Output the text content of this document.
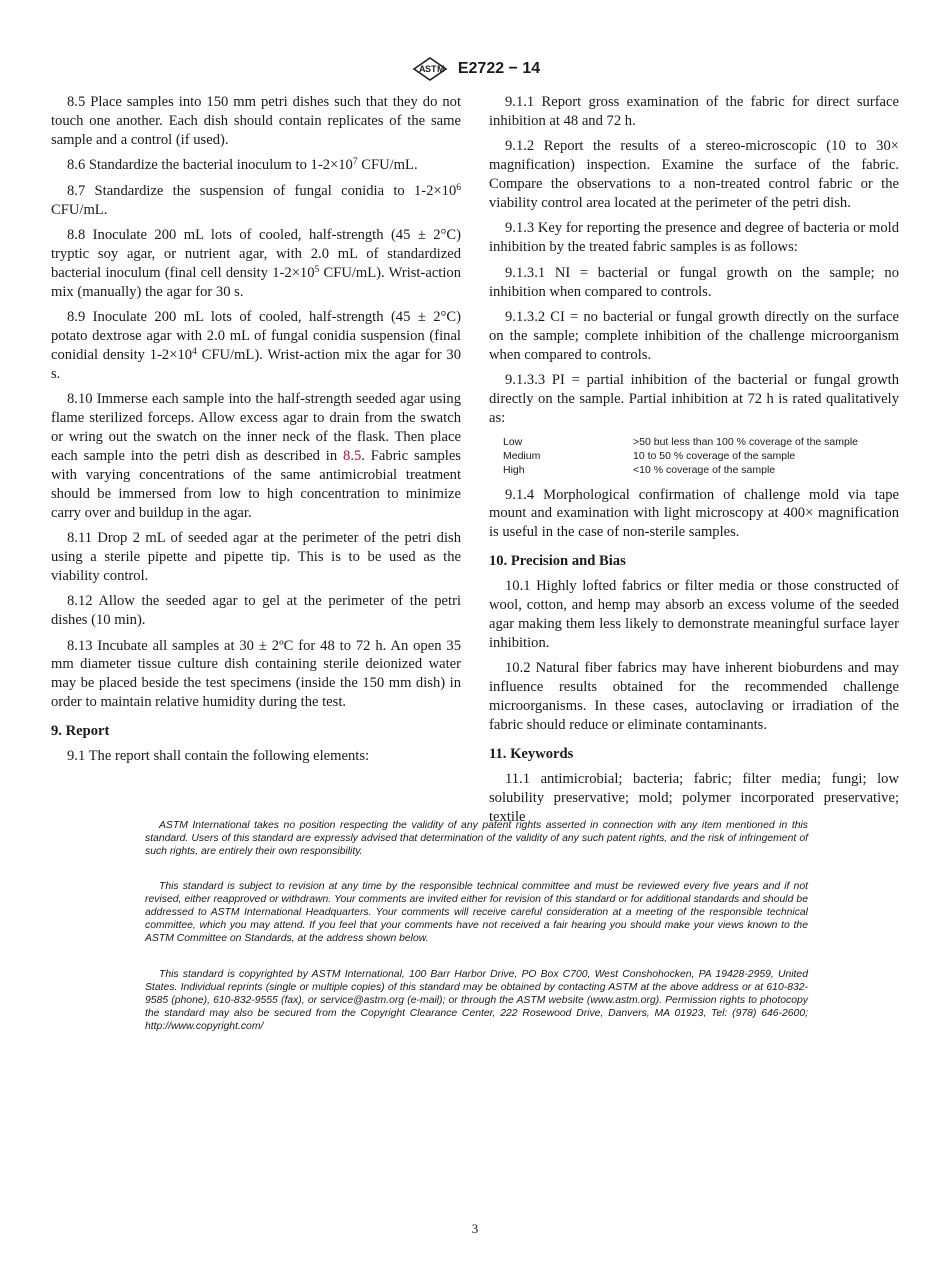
A S T M E2722 − 14

8.5 Place samples into 150 mm petri dishes such that they do not touch one another. Each dish should contain replicates of the same sample and a control (if used).

8.6 Standardize the bacterial inoculum to $1-2\times 10^7$ CFU/mL.

8.7 Standardize the suspension of fungal conidia to $1-2\times 10^6$ CFU/mL.

8.8 Inoculate 200 mL lots of cooled, half-strength (45 ± 2°C) tryptic soy agar, or nutrient agar, with 2.0 mL of standardized bacterial inoculum (final cell density $1-2\times 10^5$ CFU/mL). Wrist-action mix (manually) the agar for 30 s.

8.9 Inoculate 200 mL lots of cooled, half-strength (45 ± 2°C) potato dextrose agar with 2.0 mL of fungal conidia suspension (final conidial density $1-2\times 10^4$ CFU/mL). Wrist-action mix the agar for 30 s.

8.10 Immerse each sample into the half-strength seeded agar using flame sterilized forceps. Allow excess agar to drain from the swatch or wring out the swatch on the inner neck of the flask. Then place each sample into the petri dish as described in 8.5. Fabric samples with varying concentrations of the same antimicrobial treatment should be immersed from low to high concentration to minimize carry over and buildup in the agar.

8.11 Drop 2 mL of seeded agar at the perimeter of the petri dish using a sterile pipette and pipette tip. This is to be used as the viability control.

8.12 Allow the seeded agar to gel at the perimeter of the petri dishes (10 min).

8.13 Incubate all samples at 30 ± 2ºC for 48 to 72 h. An open 35 mm diameter tissue culture dish containing sterile deionized water may be placed beside the test specimens (inside the 150 mm dish) in order to maintain relative humidity during the test.

9. Report

9.1 The report shall contain the following elements:

9.1.1 Report gross examination of the fabric for direct surface inhibition at 48 and 72 h.

9.1.2 Report the results of a stereo-microscopic (10 to 30× magnification) inspection. Examine the surface of the fabric. Compare the observations to a non-treated control fabric or the viability control area located at the perimeter of the petri dish.

9.1.3 Key for reporting the presence and degree of bacteria or mold inhibition by the treated fabric samples is as follows:

9.1.3.1 NI = bacterial or fungal growth on the sample; no inhibition when compared to controls.

9.1.3.2 CI = no bacterial or fungal growth directly on the surface on the sample; complete inhibition of the challenge microorganism when compared to controls.

9.1.3.3 PI = partial inhibition of the bacterial or fungal growth directly on the sample. Partial inhibition at 72 h is rated qualitatively as:

Low	>50 but less than 100 % coverage of the sample
Medium	10 to 50 % coverage of the sample
High	<10 % coverage of the sample

9.1.4 Morphological confirmation of challenge mold via tape mount and examination with light microscopy at 400× magnification is useful in the case of non-sterile samples.

10. Precision and Bias

10.1 Highly lofted fabrics or filter media or those constructed of wool, cotton, and hemp may absorb an excess volume of the seeded agar making them less likely to demonstrate meaningful surface layer inhibition.

10.2 Natural fiber fabrics may have inherent bioburdens and may influence results obtained for the recommended challenge microorganisms. In these cases, autoclaving or irradiation of the fabric should reduce or eliminate contaminants.

11. Keywords

11.1 antimicrobial; bacteria; fabric; filter media; fungi; low solubility preservative; mold; polymer incorporated preservative; textile

ASTM International takes no position respecting the validity of any patent rights asserted in connection with any item mentioned in this standard. Users of this standard are expressly advised that determination of the validity of any such patent rights, and the risk of infringement of such rights, are entirely their own responsibility.

This standard is subject to revision at any time by the responsible technical committee and must be reviewed every five years and if not revised, either reapproved or withdrawn. Your comments are invited either for revision of this standard or for additional standards and should be addressed to ASTM International Headquarters. Your comments will receive careful consideration at a meeting of the responsible technical committee, which you may attend. If you feel that your comments have not received a fair hearing you should make your views known to the ASTM Committee on Standards, at the address shown below.

This standard is copyrighted by ASTM International, 100 Barr Harbor Drive, PO Box C700, West Conshohocken, PA 19428-2959, United States. Individual reprints (single or multiple copies) of this standard may be obtained by contacting ASTM at the above address or at 610-832-9585 (phone), 610-832-9555 (fax), or service@astm.org (e-mail); or through the ASTM website (www.astm.org). Permission rights to photocopy the standard may also be secured from the Copyright Clearance Center, 222 Rosewood Drive, Danvers, MA 01923, Tel: (978) 646-2600; http://www.copyright.com/

3
